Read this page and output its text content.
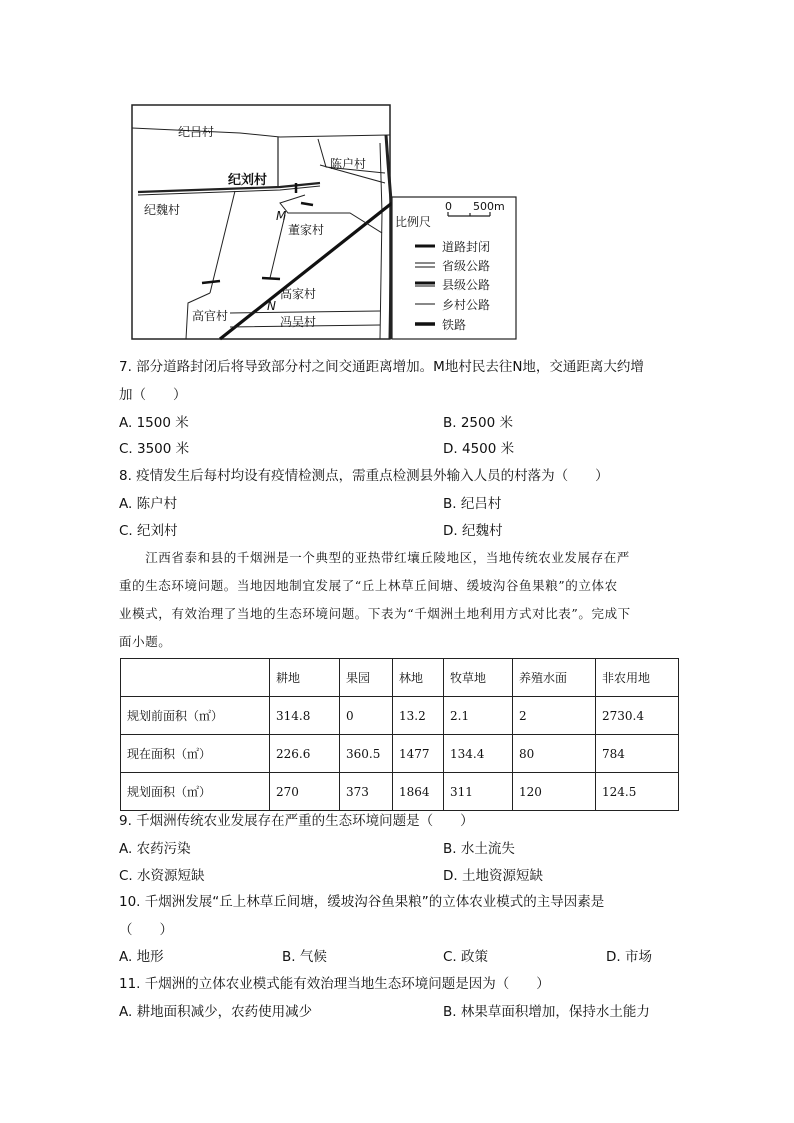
纪吕村
陈户村
纪刘村
纪魏村
董家村
高家村
高官村	冯吴村
M
N
比例尺
0 500m
道路封闭
省级公路
县级公路
乡村公路
铁路
7. 部分道路封闭后将导致部分村之间交通距离增加。M地村民去往N地，交通距离大约增
加（　　）
A. 1500 米	B. 2500 米
C. 3500 米	D. 4500 米
8. 疫情发生后每村均设有疫情检测点，需重点检测县外输入人员的村落为（　　）
A. 陈户村	B. 纪吕村
C. 纪刘村	D. 纪魏村
　　江西省泰和县的千烟洲是一个典型的亚热带红壤丘陵地区，当地传统农业发展存在严
重的生态环境问题。当地因地制宜发展了“丘上林草丘间塘、缓坡沟谷鱼果粮”的立体农
业模式，有效治理了当地的生态环境问题。下表为“千烟洲土地利用方式对比表”。完成下
面小题。
	耕地	果园	林地	牧草地	养殖水面	非农用地
规划前面积（㎡）	314.8	0	13.2	2.1	2	2730.4
现在面积（㎡）	226.6	360.5	1477	134.4	80	784
规划面积（㎡）	270	373	1864	311	120	124.5
9. 千烟洲传统农业发展存在严重的生态环境问题是（　　）
A. 农药污染	B. 水土流失
C. 水资源短缺	D. 土地资源短缺
10. 千烟洲发展“丘上林草丘间塘，缓坡沟谷鱼果粮”的立体农业模式的主导因素是
（　　）
A. 地形	B. 气候	C. 政策	D. 市场
11. 千烟洲的立体农业模式能有效治理当地生态环境问题是因为（　　）
A. 耕地面积减少，农药使用减少	B. 林果草面积增加，保持水土能力
